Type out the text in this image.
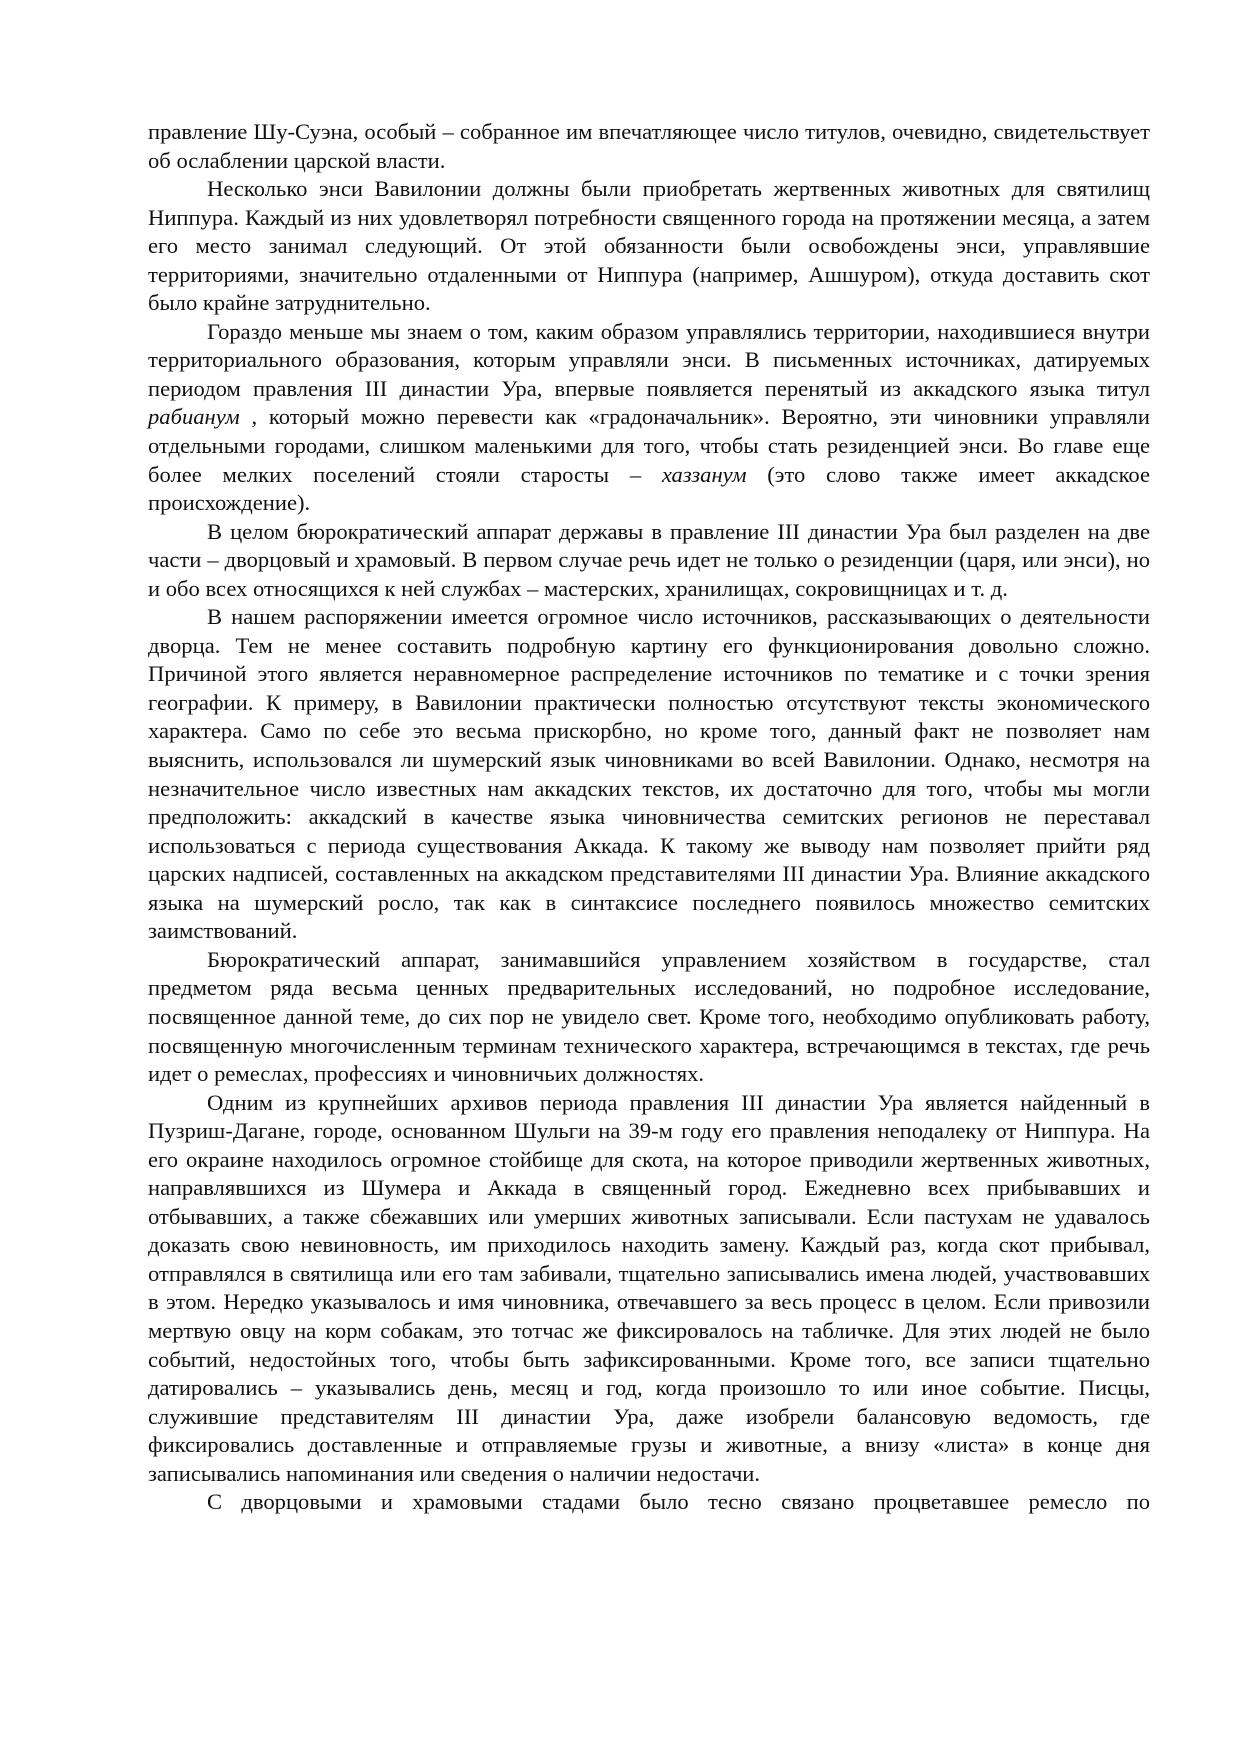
правление Шу-Суэна, особый – собранное им впечатляющее число титулов, очевидно, свидетельствует об ослаблении царской власти.

Несколько энси Вавилонии должны были приобретать жертвенных животных для святилищ Ниппура. Каждый из них удовлетворял потребности священного города на протяжении месяца, а затем его место занимал следующий. От этой обязанности были освобождены энси, управлявшие территориями, значительно отдаленными от Ниппура (например, Ашшуром), откуда доставить скот было крайне затруднительно.

Гораздо меньше мы знаем о том, каким образом управлялись территории, находившиеся внутри территориального образования, которым управляли энси. В письменных источниках, датируемых периодом правления III династии Ура, впервые появляется перенятый из аккадского языка титул рабианум , который можно перевести как «градоначальник». Вероятно, эти чиновники управляли отдельными городами, слишком маленькими для того, чтобы стать резиденцией энси. Во главе еще более мелких поселений стояли старосты – хаззанум (это слово также имеет аккадское происхождение).

В целом бюрократический аппарат державы в правление III династии Ура был разделен на две части – дворцовый и храмовый. В первом случае речь идет не только о резиденции (царя, или энси), но и обо всех относящихся к ней службах – мастерских, хранилищах, сокровищницах и т. д.

В нашем распоряжении имеется огромное число источников, рассказывающих о деятельности дворца. Тем не менее составить подробную картину его функционирования довольно сложно. Причиной этого является неравномерное распределение источников по тематике и с точки зрения географии. К примеру, в Вавилонии практически полностью отсутствуют тексты экономического характера. Само по себе это весьма прискорбно, но кроме того, данный факт не позволяет нам выяснить, использовался ли шумерский язык чиновниками во всей Вавилонии. Однако, несмотря на незначительное число известных нам аккадских текстов, их достаточно для того, чтобы мы могли предположить: аккадский в качестве языка чиновничества семитских регионов не переставал использоваться с периода существования Аккада. К такому же выводу нам позволяет прийти ряд царских надписей, составленных на аккадском представителями III династии Ура. Влияние аккадского языка на шумерский росло, так как в синтаксисе последнего появилось множество семитских заимствований.

Бюрократический аппарат, занимавшийся управлением хозяйством в государстве, стал предметом ряда весьма ценных предварительных исследований, но подробное исследование, посвященное данной теме, до сих пор не увидело свет. Кроме того, необходимо опубликовать работу, посвященную многочисленным терминам технического характера, встречающимся в текстах, где речь идет о ремеслах, профессиях и чиновничьих должностях.

Одним из крупнейших архивов периода правления III династии Ура является найденный в Пузриш-Дагане, городе, основанном Шульги на 39-м году его правления неподалеку от Ниппура. На его окраине находилось огромное стойбище для скота, на которое приводили жертвенных животных, направлявшихся из Шумера и Аккада в священный город. Ежедневно всех прибывавших и отбывавших, а также сбежавших или умерших животных записывали. Если пастухам не удавалось доказать свою невиновность, им приходилось находить замену. Каждый раз, когда скот прибывал, отправлялся в святилища или его там забивали, тщательно записывались имена людей, участвовавших в этом. Нередко указывалось и имя чиновника, отвечавшего за весь процесс в целом. Если привозили мертвую овцу на корм собакам, это тотчас же фиксировалось на табличке. Для этих людей не было событий, недостойных того, чтобы быть зафиксированными. Кроме того, все записи тщательно датировались – указывались день, месяц и год, когда произошло то или иное событие. Писцы, служившие представителям III династии Ура, даже изобрели балансовую ведомость, где фиксировались доставленные и отправляемые грузы и животные, а внизу «листа» в конце дня записывались напоминания или сведения о наличии недостачи.

С дворцовыми и храмовыми стадами было тесно связано процветавшее ремесло по
